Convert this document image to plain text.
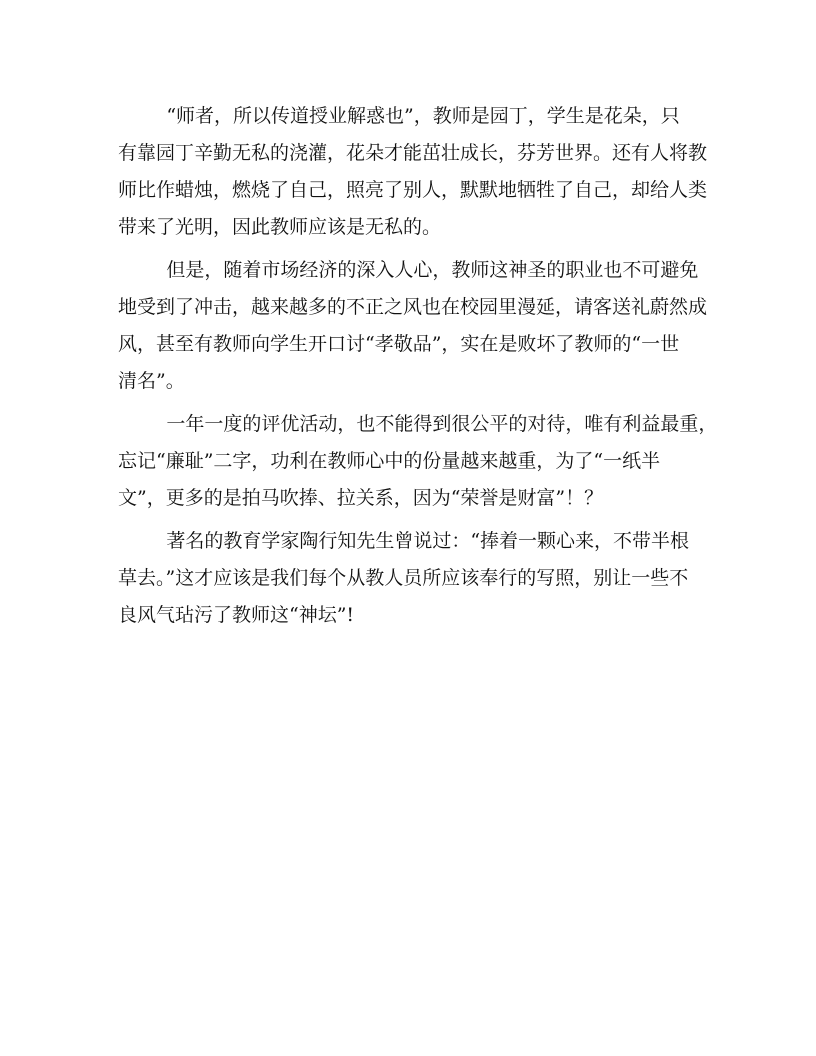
“师者，所以传道授业解惑也”，教师是园丁，学生是花朵，只
有靠园丁辛勤无私的浇灌，花朵才能茁壮成长，芬芳世界。还有人将教
师比作蜡烛，燃烧了自己，照亮了别人，默默地牺牲了自己，却给人类
带来了光明，因此教师应该是无私的。
但是，随着市场经济的深入人心，教师这神圣的职业也不可避免
地受到了冲击，越来越多的不正之风也在校园里漫延，请客送礼蔚然成
风，甚至有教师向学生开口讨“孝敬品”，实在是败坏了教师的“一世
清名”。
一年一度的评优活动，也不能得到很公平的对待，唯有利益最重，
忘记“廉耻”二字，功利在教师心中的份量越来越重，为了“一纸半
文”，更多的是拍马吹捧、拉关系，因为“荣誉是财富”！？
著名的教育学家陶行知先生曾说过：“捧着一颗心来，不带半根
草去。”这才应该是我们每个从教人员所应该奉行的写照，别让一些不
良风气玷污了教师这“神坛”!
